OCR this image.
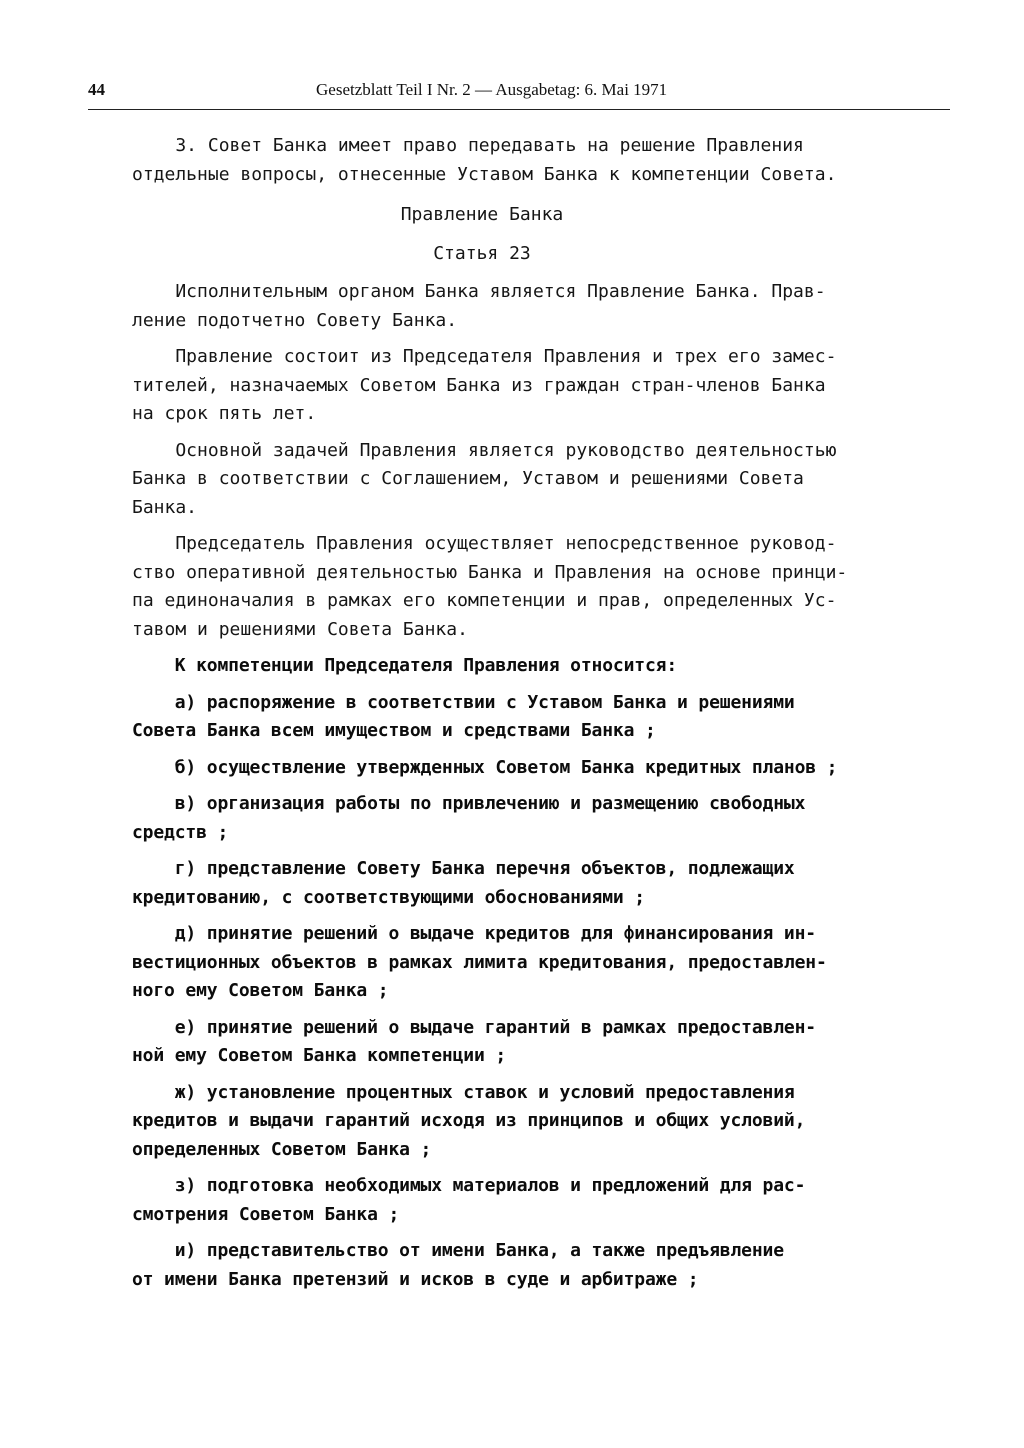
44	Gesetzblatt Teil I Nr. 2 — Ausgabetag: 6. Mai 1971

3. Совет Банка имеет право передавать на решение Правления

отдельные вопросы, отнесенные Уставом Банка к компетенции Совета.

Правление Банка

Статья 23

Исполнительным органом Банка является Правление Банка. Прав-

ление подотчетно Совету Банка.

Правление состоит из Председателя Правления и трех его замес-

тителей, назначаемых Советом Банка из граждан стран-членов Банка

на срок пять лет.

Основной задачей Правления является руководство деятельностью

Банка в соответствии с Соглашением, Уставом и решениями Совета

Банка.

Председатель Правления осуществляет непосредственное руковод-

ство оперативной деятельностью Банка и Правления на основе принци-

па единоначалия в рамках его компетенции и прав, определенных Ус-

тавом и решениями Совета Банка.

К компетенции Председателя Правления относится:

а) распоряжение в соответствии с Уставом Банка и решениями

Совета Банка всем имуществом и средствами Банка ;

б) осуществление утвержденных Советом Банка кредитных планов ;

в) организация работы по привлечению и размещению свободных

средств ;

г) представление Совету Банка перечня объектов, подлежащих

кредитованию, с соответствующими обоснованиями ;

д) принятие решений о выдаче кредитов для финансирования ин-

вестиционных объектов в рамках лимита кредитования, предоставлен-

ного ему Советом Банка ;

е) принятие решений о выдаче гарантий в рамках предоставлен-

ной ему Советом Банка компетенции ;

ж) установление процентных ставок и условий предоставления

кредитов и выдачи гарантий исходя из принципов и общих условий,

определенных Советом Банка ;

з) подготовка необходимых материалов и предложений для рас-

смотрения Советом Банка ;

и) представительство от имени Банка, а также предъявление

от имени Банка претензий и исков в суде и арбитраже ;
